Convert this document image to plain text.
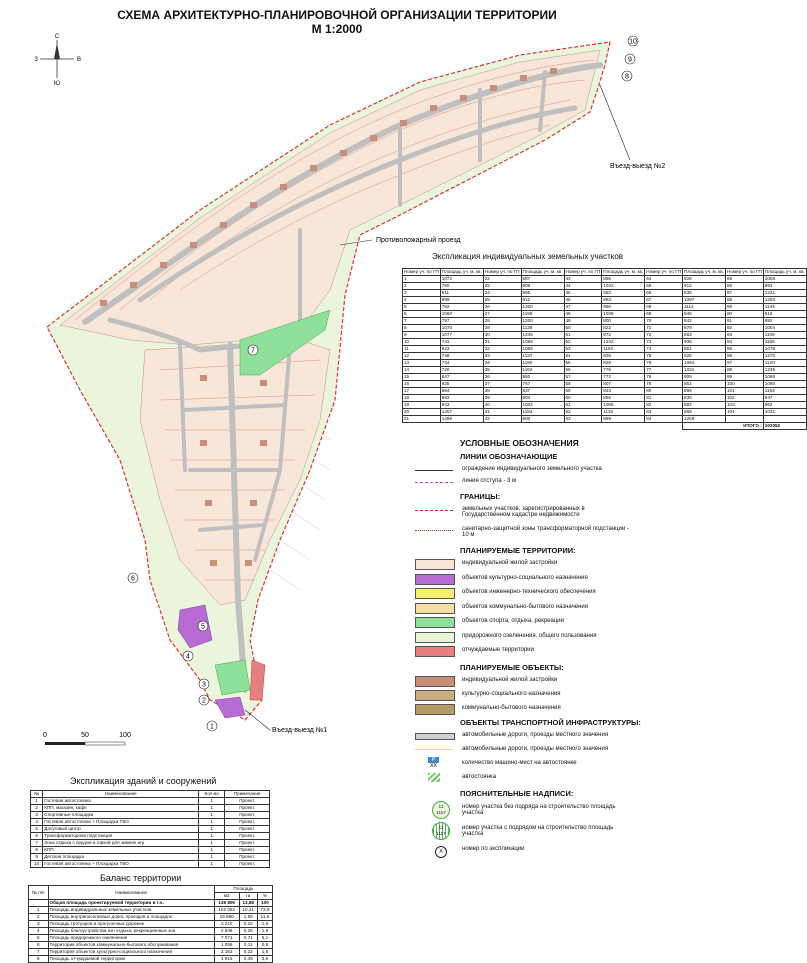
СХЕМА АРХИТЕКТУРНО-ПЛАНИРОВОЧНОЙ ОРГАНИЗАЦИИ ТЕРРИТОРИИ
М 1:2000
С
Ю
З	В
Въезд-выезд №2
Противопожарный проезд
Въезд-выезд №1
1
2
3
4
5
6
7
8
9
10
0	50	100
Экспликация индивидуальных земельных участков
Номер уч. по ГП	Площадь уч. м. кв.	Номер уч. по ГП	Площадь уч. м. кв.	Номер уч. по ГП	Площадь уч. м. кв.	Номер уч. по ГП	Площадь уч. м. кв.	Номер уч. по ГП	Площадь уч. м. кв.
1	1072	22	887	43	855	64	828	85	1005
2	760	23	809	44	1032	65	912	86	983
3	911	24	895	45	863	66	836	87	1231
4	889	25	912	46	863	67	1097	88	1293
5	782	26	1200	47	986	68	1112	89	1134
6	1060	27	1199	48	1036	69	946	90	918
7	757	28	1200	49	800	70	842	91	992
8	1070	29	1139	50	822	71	878	92	1004
9	1077	30	1245	51	972	72	883	93	1109
10	741	31	1089	52	1242	73	936	94	1186
11	823	32	1089	53	1162	74	851	95	1078
12	748	33	1137	54	826	75	928	96	1270
13	734	34	1190	55	828	76	1064	97	1120
14	720	35	1162	56	776	77	1031	98	1236
15	847	36	860	57	772	78	909	99	1068
16	825	37	767	58	807	79	851	100	1090
17	984	38	837	59	843	80	896	101	1153
18	883	39	804	60	855	81	830	102	947
19	843	40	1032	61	1085	82	892	103	962
20	1307	41	1184	62	1130	83	889	104	1031
21	1496	42	800	63	869	84	1259		
							ИТОГО :		102052
УСЛОВНЫЕ ОБОЗНАЧЕНИЯ
ЛИНИИ ОБОЗНАЧАЮЩИЕ
ограждение индивидуального земельного участка
линия отступа - 3 м
ГРАНИЦЫ:
земельных участков, зарегистрированных в Государственном кадастре недвижимости
санитарно-защитной зоны трансформаторной подстанции - 10 м
ПЛАНИРУЕМЫЕ ТЕРРИТОРИИ:
индивидуальной жилой застройки
объектов культурно-социального назначения
объектов инженерно-технического обеспечения
объектов коммунально-бытового назначения
объектов спорта, отдыха, рекреации
придорожного озеленения, общего пользования
отчуждаемые территории
ПЛАНИРУЕМЫЕ ОБЪЕКТЫ:
индивидуальной жилой застройки
культурно-социального назначения
коммунально-бытового назначения
ОБЪЕКТЫ ТРАНСПОРТНОЙ ИНФРАСТРУКТУРЫ:
автомобильные дороги, проезды местного значения
автомобильные дороги, проезды местного значения
P
XX	количество машино-мест на автостоянке
автостоянка
ПОЯСНИТЕЛЬНЫЕ НАДПИСИ:
11
1117
номер участка без подряда на строительство площадь участка
11
1117
номер участка с подрядом на строительство площадь участка
X	номер по экспликации
Экспликация зданий и сооружений
№	Наименование	Кол-во	Примечания
1	Гостевая автостоянка	1	Проект.
2	КПП, магазин, кафе	1	Проект.
3	Спортивные площадки	1	Проект.
4	Гостевая автостоянка + Площадка ТБО	1	Проект.
5	Досуговый центр	1	Проект.
6	Трансформаторная подстанция	1	Проект.
7	Зона отдыха с прудом и горкой для зимних игр	1	Проект.
8	КПП	1	Проект.
9	Детская площадка	1	Проект.
10	Гостевая автостоянка + Площадка ТБО	1	Проект.
Баланс территории
№ п/п	Наименование	Площадь		
		м2	га	%
	Общая площадь проектируемой территории в т.ч.	138 806	13,88	100
1	Площадь индивидуальных земельных участков	102 052	10,21	73,9
2	Площадь внутрипоселковых дорог, проездов и площадок	15 890	1,59	11,5
3	Площадь тротуаров и прогулочных дорожек	2 210	0,22	1,6
4	Площадь благоустройства зон отдыха, рекреационных зон	2 648	0,26	1,9
5	Площадь придорожного озеленения	7 071	0,71	5,1
6	Территория объектов коммунально-бытового обслуживания	1 056	0,11	0,8
7	Территория объектов культурно-социального назначения	2 163	0,22	1,6
8	Площадь отчуждаемой территории	4 916	0,49	3,6
